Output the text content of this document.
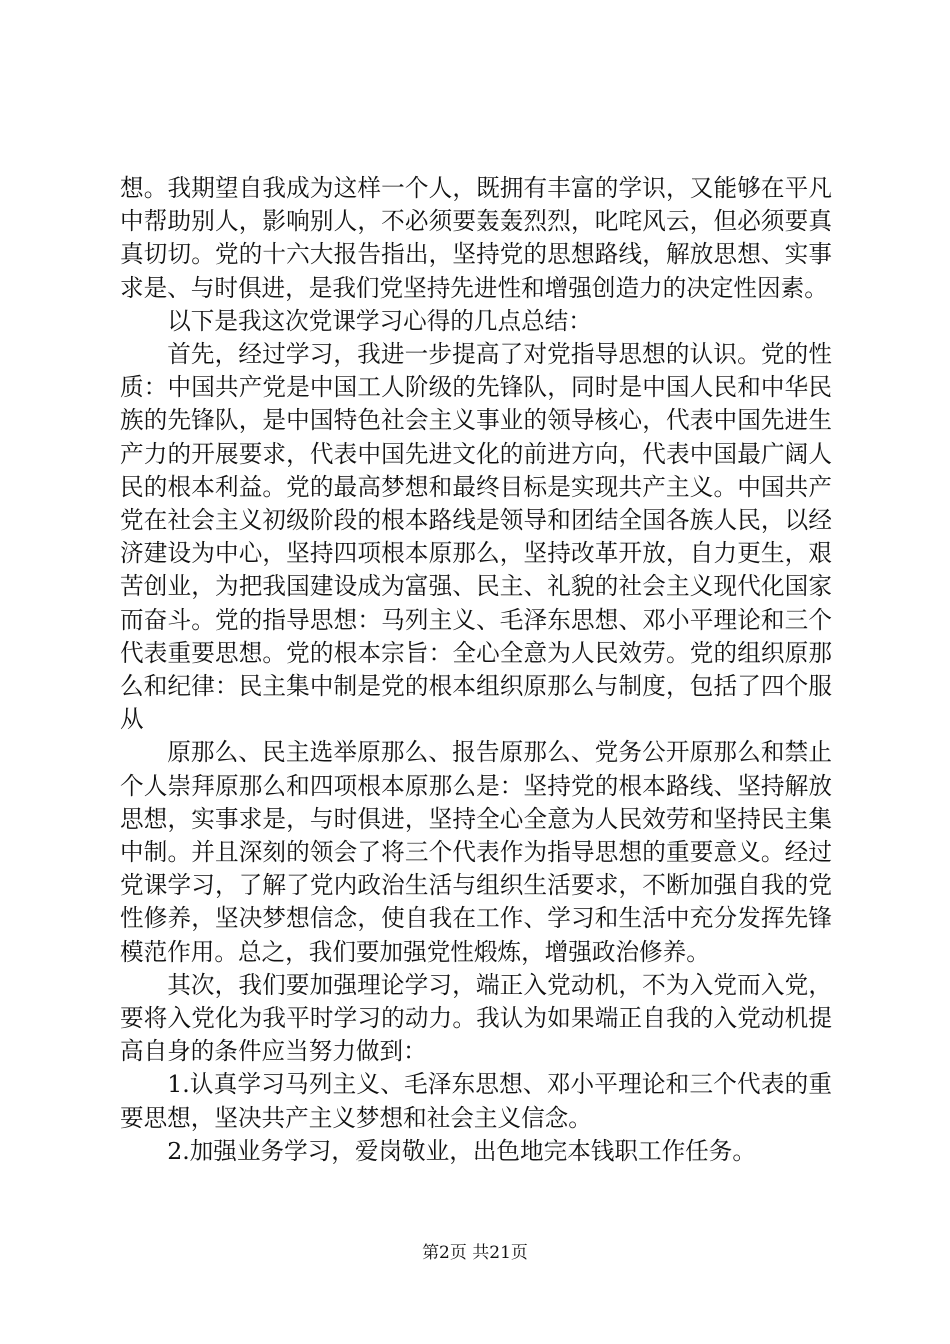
想。我期望自我成为这样一个人，既拥有丰富的学识，又能够在平凡中帮助别人，影响别人，不必须要轰轰烈烈，叱咤风云，但必须要真真切切。党的十六大报告指出，坚持党的思想路线，解放思想、实事求是、与时俱进，是我们党坚持先进性和增强创造力的决定性因素。

以下是我这次党课学习心得的几点总结：

首先，经过学习，我进一步提高了对党指导思想的认识。党的性质：中国共产党是中国工人阶级的先锋队，同时是中国人民和中华民族的先锋队，是中国特色社会主义事业的领导核心，代表中国先进生产力的开展要求，代表中国先进文化的前进方向，代表中国最广阔人民的根本利益。党的最高梦想和最终目标是实现共产主义。中国共产党在社会主义初级阶段的根本路线是领导和团结全国各族人民，以经济建设为中心，坚持四项根本原那么，坚持改革开放，自力更生，艰苦创业，为把我国建设成为富强、民主、礼貌的社会主义现代化国家而奋斗。党的指导思想：马列主义、毛泽东思想、邓小平理论和三个代表重要思想。党的根本宗旨：全心全意为人民效劳。党的组织原那么和纪律：民主集中制是党的根本组织原那么与制度，包括了四个服从

原那么、民主选举原那么、报告原那么、党务公开原那么和禁止个人崇拜原那么和四项根本原那么是：坚持党的根本路线、坚持解放思想，实事求是，与时俱进，坚持全心全意为人民效劳和坚持民主集中制。并且深刻的领会了将三个代表作为指导思想的重要意义。经过党课学习，了解了党内政治生活与组织生活要求，不断加强自我的党性修养，坚决梦想信念，使自我在工作、学习和生活中充分发挥先锋模范作用。总之，我们要加强党性煅炼，增强政治修养。

其次，我们要加强理论学习，端正入党动机，不为入党而入党，要将入党化为我平时学习的动力。我认为如果端正自我的入党动机提高自身的条件应当努力做到：

1.认真学习马列主义、毛泽东思想、邓小平理论和三个代表的重要思想，坚决共产主义梦想和社会主义信念。

2.加强业务学习，爱岗敬业，出色地完本钱职工作任务。

第2页 共21页
